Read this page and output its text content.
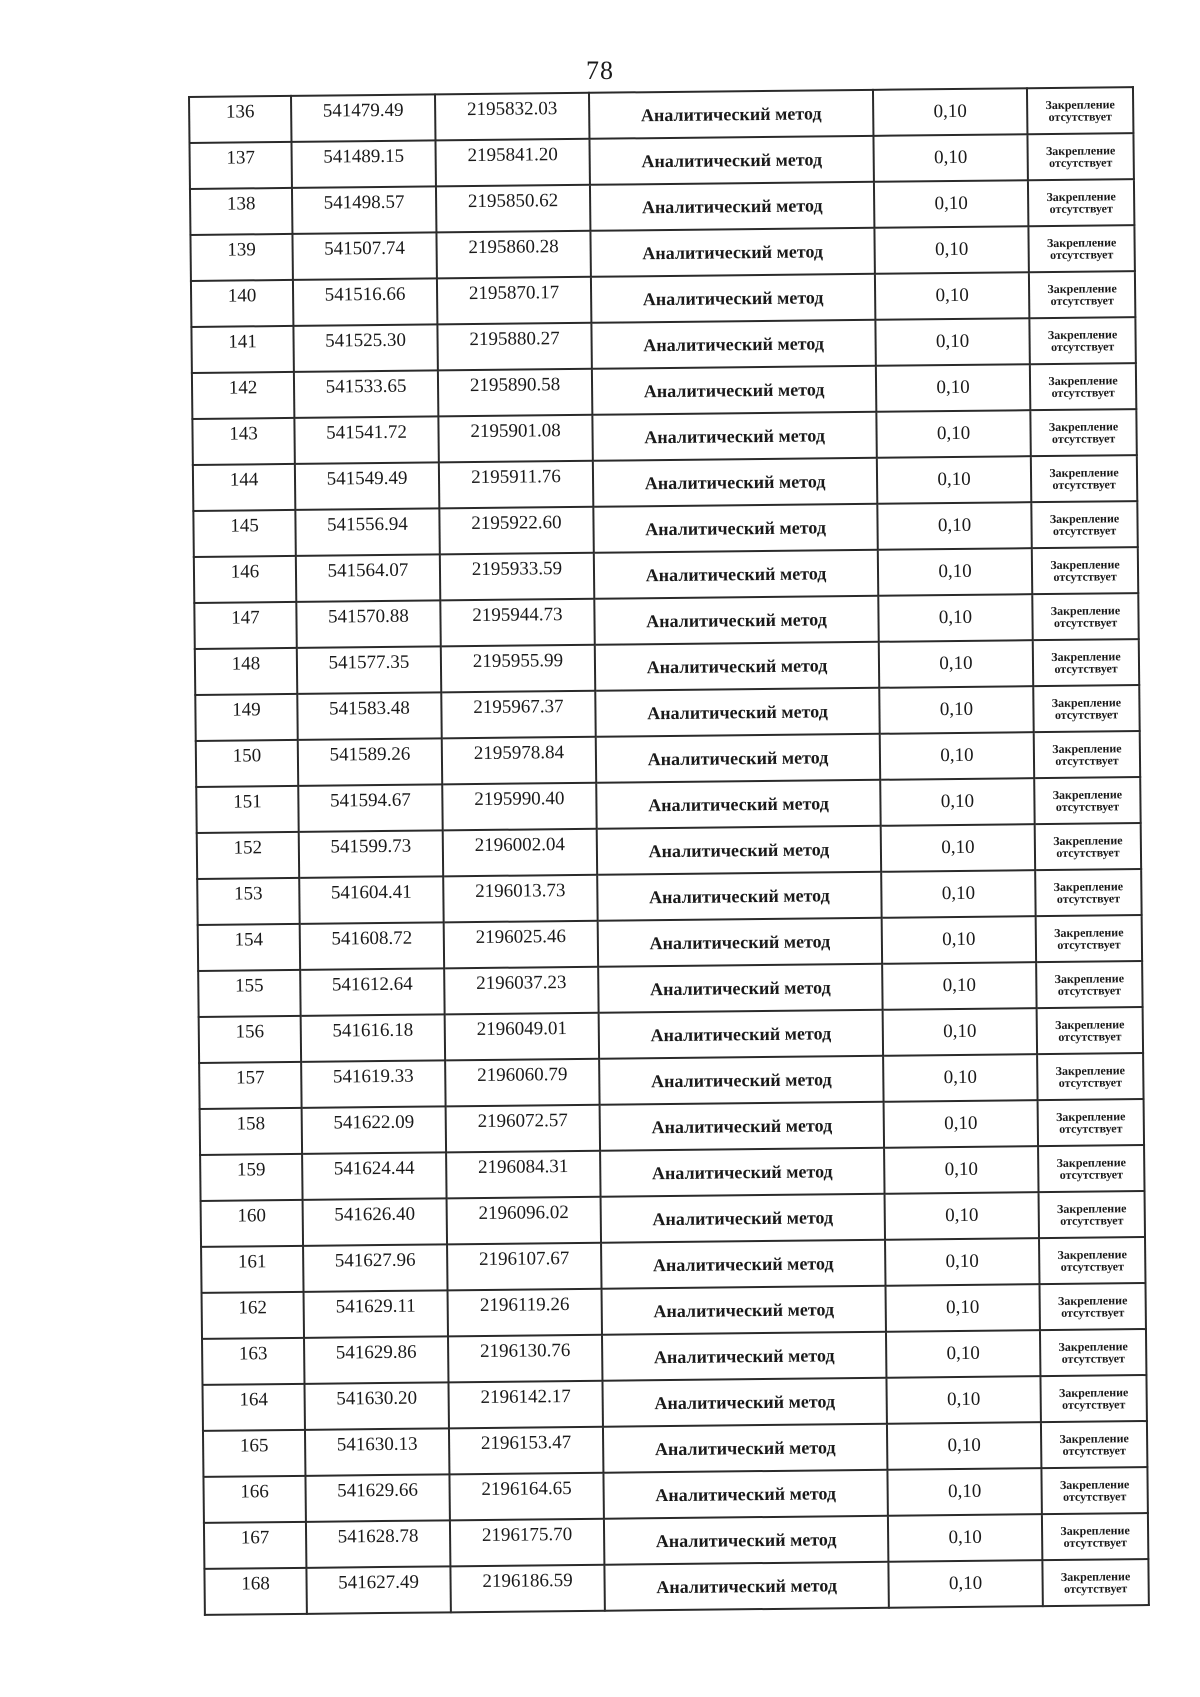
78
136	541479.49	2195832.03	Аналитический метод	0,10	Закрепление отсутствует
137	541489.15	2195841.20	Аналитический метод	0,10	Закрепление отсутствует
138	541498.57	2195850.62	Аналитический метод	0,10	Закрепление отсутствует
139	541507.74	2195860.28	Аналитический метод	0,10	Закрепление отсутствует
140	541516.66	2195870.17	Аналитический метод	0,10	Закрепление отсутствует
141	541525.30	2195880.27	Аналитический метод	0,10	Закрепление отсутствует
142	541533.65	2195890.58	Аналитический метод	0,10	Закрепление отсутствует
143	541541.72	2195901.08	Аналитический метод	0,10	Закрепление отсутствует
144	541549.49	2195911.76	Аналитический метод	0,10	Закрепление отсутствует
145	541556.94	2195922.60	Аналитический метод	0,10	Закрепление отсутствует
146	541564.07	2195933.59	Аналитический метод	0,10	Закрепление отсутствует
147	541570.88	2195944.73	Аналитический метод	0,10	Закрепление отсутствует
148	541577.35	2195955.99	Аналитический метод	0,10	Закрепление отсутствует
149	541583.48	2195967.37	Аналитический метод	0,10	Закрепление отсутствует
150	541589.26	2195978.84	Аналитический метод	0,10	Закрепление отсутствует
151	541594.67	2195990.40	Аналитический метод	0,10	Закрепление отсутствует
152	541599.73	2196002.04	Аналитический метод	0,10	Закрепление отсутствует
153	541604.41	2196013.73	Аналитический метод	0,10	Закрепление отсутствует
154	541608.72	2196025.46	Аналитический метод	0,10	Закрепление отсутствует
155	541612.64	2196037.23	Аналитический метод	0,10	Закрепление отсутствует
156	541616.18	2196049.01	Аналитический метод	0,10	Закрепление отсутствует
157	541619.33	2196060.79	Аналитический метод	0,10	Закрепление отсутствует
158	541622.09	2196072.57	Аналитический метод	0,10	Закрепление отсутствует
159	541624.44	2196084.31	Аналитический метод	0,10	Закрепление отсутствует
160	541626.40	2196096.02	Аналитический метод	0,10	Закрепление отсутствует
161	541627.96	2196107.67	Аналитический метод	0,10	Закрепление отсутствует
162	541629.11	2196119.26	Аналитический метод	0,10	Закрепление отсутствует
163	541629.86	2196130.76	Аналитический метод	0,10	Закрепление отсутствует
164	541630.20	2196142.17	Аналитический метод	0,10	Закрепление отсутствует
165	541630.13	2196153.47	Аналитический метод	0,10	Закрепление отсутствует
166	541629.66	2196164.65	Аналитический метод	0,10	Закрепление отсутствует
167	541628.78	2196175.70	Аналитический метод	0,10	Закрепление отсутствует
168	541627.49	2196186.59	Аналитический метод	0,10	Закрепление отсутствует
